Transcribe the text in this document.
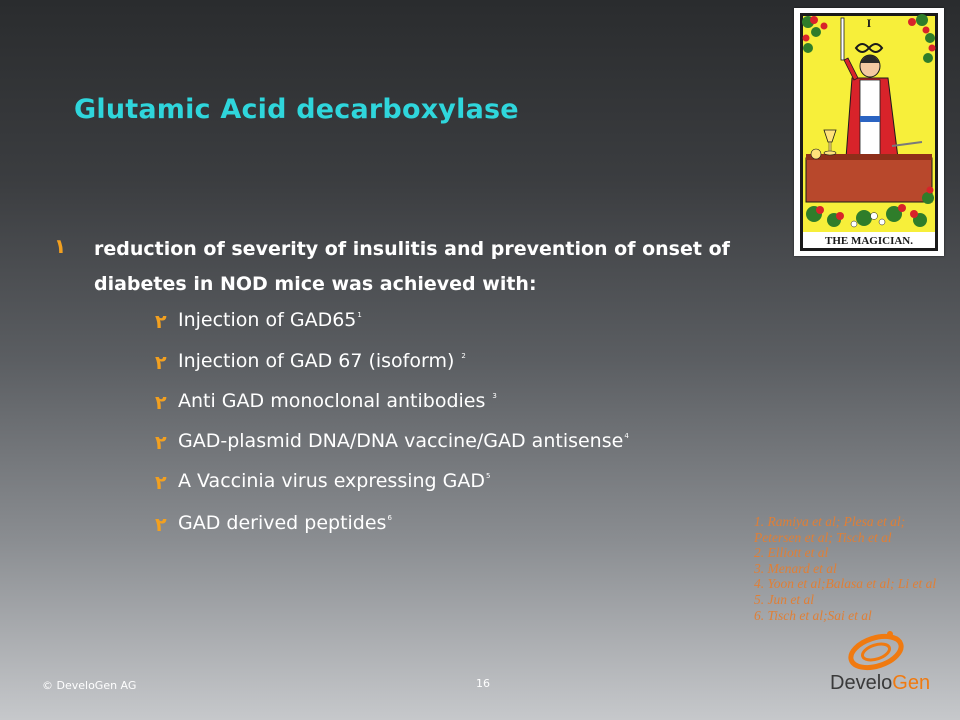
Glutamic Acid decarboxylase
١ reduction of severity of insulitis and prevention of onset of diabetes in NOD mice was achieved with:
٢ Injection of $GAD65^1$
٢ Injection of GAD 67 (isoform) $^2$
٢ Anti GAD monoclonal antibodies $^3$
٢ GAD-plasmid DNA/DNA vaccine/GAD antisense$^4$
٢ A Vaccinia virus expressing GAD$^5$
٢ GAD derived peptides$^6$
I
THE MAGICIAN.
1. Ramiya et al; Plesa et al; Petersen et al; Tisch et al
2. Elliott et al
3. Menard et al
4. Yoon et al;Balasa et al; Li et al
5. Jun et al
6. Tisch et al;Sai et al
© DeveloGen AG	16	DeveloGen
